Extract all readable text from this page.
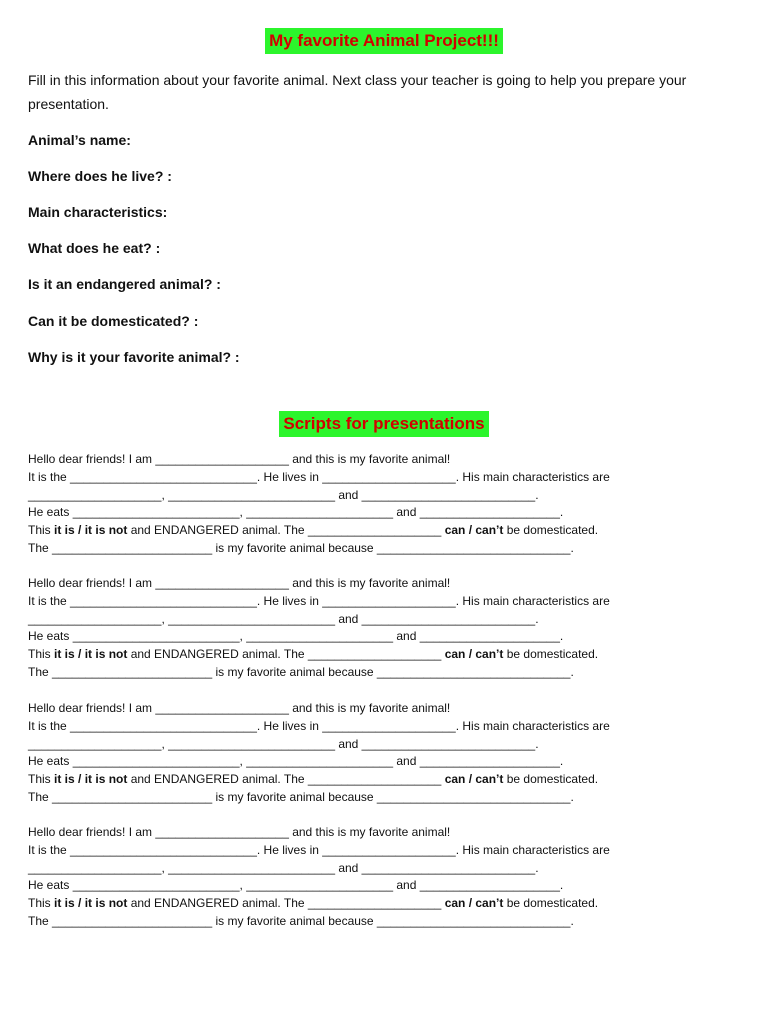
My favorite Animal Project!!!
Fill in this information about your favorite animal. Next class your teacher is going to help you prepare your presentation.
Animal’s name:
Where does he live? :
Main characteristics:
What does he eat? :
Is it an endangered animal? :
Can it be domesticated? :
Why is it your favorite animal? :
Scripts for presentations
Hello dear friends! I am ____________________ and this is my favorite animal!
It is the ____________________________. He lives in ____________________. His main characteristics are
____________________, _________________________ and __________________________.
He eats _________________________, ______________________ and _____________________.
This it is / it is not and ENDANGERED animal. The ____________________ can / can’t be domesticated.
The ________________________ is my favorite animal because _____________________________.
Hello dear friends! I am ____________________ and this is my favorite animal!
It is the ____________________________. He lives in ____________________. His main characteristics are
____________________, _________________________ and __________________________.
He eats _________________________, ______________________ and _____________________.
This it is / it is not and ENDANGERED animal. The ____________________ can / can’t be domesticated.
The ________________________ is my favorite animal because _____________________________.
Hello dear friends! I am ____________________ and this is my favorite animal!
It is the ____________________________. He lives in ____________________. His main characteristics are
____________________, _________________________ and __________________________.
He eats _________________________, ______________________ and _____________________.
This it is / it is not and ENDANGERED animal. The ____________________ can / can’t be domesticated.
The ________________________ is my favorite animal because _____________________________.
Hello dear friends! I am ____________________ and this is my favorite animal!
It is the ____________________________. He lives in ____________________. His main characteristics are
____________________, _________________________ and __________________________.
He eats _________________________, ______________________ and _____________________.
This it is / it is not and ENDANGERED animal. The ____________________ can / can’t be domesticated.
The ________________________ is my favorite animal because _____________________________.
